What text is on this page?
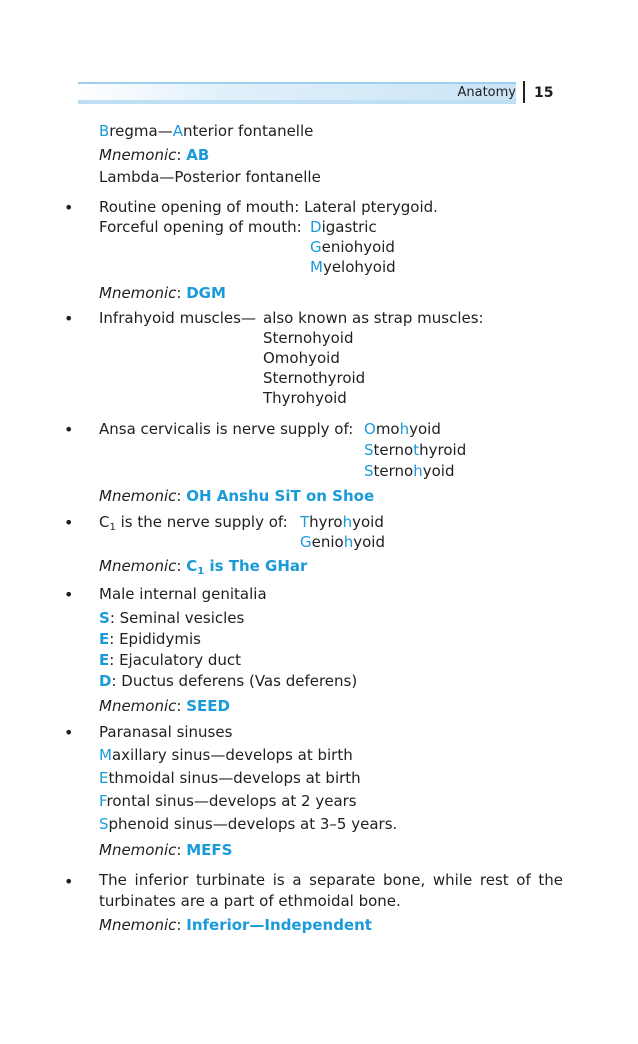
Anatomy 15
Bregma—Anterior fontanelle
Mnemonic: AB
Lambda—Posterior fontanelle
• Routine opening of mouth: Lateral pterygoid.
Forceful opening of mouth: Digastric
Geniohyoid
Myelohyoid
Mnemonic: DGM
• Infrahyoid muscles— also known as strap muscles:
Sternohyoid
Omohyoid
Sternothyroid
Thyrohyoid
• Ansa cervicalis is nerve supply of: Omohyoid
Sternothyroid
Sternohyoid
Mnemonic: OH Anshu SiT on Shoe
• $C_1$ is the nerve supply of: Thyrohyoid
Geniohyoid
Mnemonic: $C_1$ is The GHar
• Male internal genitalia
S: Seminal vesicles
E: Epididymis
E: Ejaculatory duct
D: Ductus deferens (Vas deferens)
Mnemonic: SEED
• Paranasal sinuses
Maxillary sinus—develops at birth
Ethmoidal sinus—develops at birth
Frontal sinus—develops at 2 years
Sphenoid sinus—develops at 3–5 years.
Mnemonic: MEFS
• The inferior turbinate is a separate bone, while rest of the turbinates are a part of ethmoidal bone.
Mnemonic: Inferior—Independent
